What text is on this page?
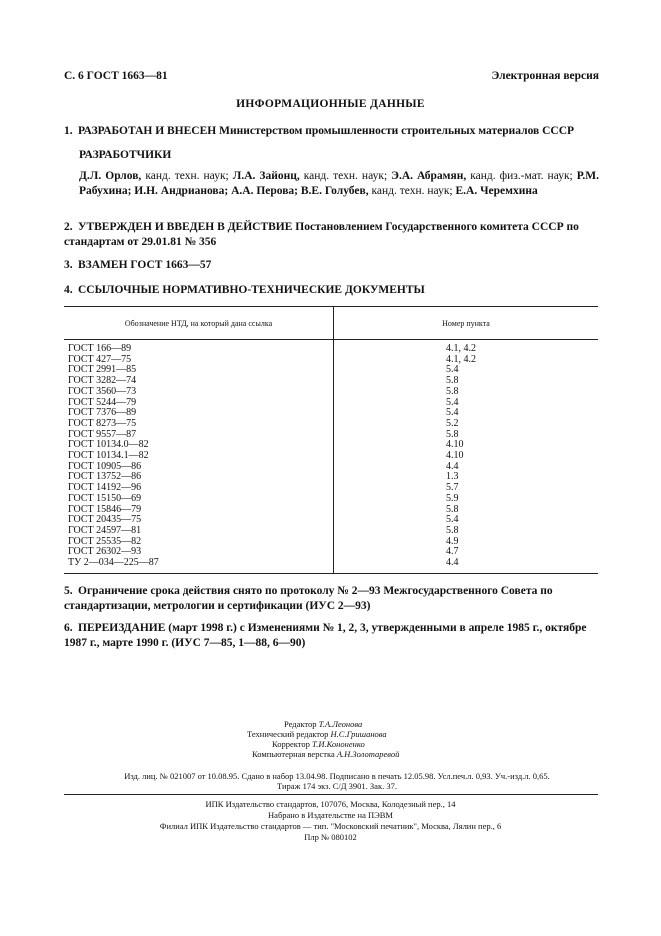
С. 6 ГОСТ 1663—81	Электронная версия
ИНФОРМАЦИОННЫЕ ДАННЫЕ
1. РАЗРАБОТАН И ВНЕСЕН Министерством промышленности строительных материалов СССР
РАЗРАБОТЧИКИ
Д.Л. Орлов, канд. техн. наук; Л.А. Зайонц, канд. техн. наук; Э.А. Абрамян, канд. физ.-мат. наук; Р.М. Рабухина; И.Н. Андрианова; А.А. Перова; В.Е. Голубев, канд. техн. наук; Е.А. Черемхина
2. УТВЕРЖДЕН И ВВЕДЕН В ДЕЙСТВИЕ Постановлением Государственного комитета СССР по стандартам от 29.01.81 № 356
3. ВЗАМЕН ГОСТ 1663—57
4. ССЫЛОЧНЫЕ НОРМАТИВНО-ТЕХНИЧЕСКИЕ ДОКУМЕНТЫ
Обозначение НТД, на который дана ссылка	Номер пункта
ГОСТ 166—89	4.1, 4.2
ГОСТ 427—75	4.1, 4.2
ГОСТ 2991—85	5.4
ГОСТ 3282—74	5.8
ГОСТ 3560—73	5.8
ГОСТ 5244—79	5.4
ГОСТ 7376—89	5.4
ГОСТ 8273—75	5.2
ГОСТ 9557—87	5.8
ГОСТ 10134.0—82	4.10
ГОСТ 10134.1—82	4.10
ГОСТ 10905—86	4.4
ГОСТ 13752—86	1.3
ГОСТ 14192—96	5.7
ГОСТ 15150—69	5.9
ГОСТ 15846—79	5.8
ГОСТ 20435—75	5.4
ГОСТ 24597—81	5.8
ГОСТ 25535—82	4.9
ГОСТ 26302—93	4.7
ТУ 2—034—225—87	4.4
5. Ограничение срока действия снято по протоколу № 2—93 Межгосударственного Совета по стандартизации, метрологии и сертификации (ИУС 2—93)
6. ПЕРЕИЗДАНИЕ (март 1998 г.) с Изменениями № 1, 2, 3, утвержденными в апреле 1985 г., октябре 1987 г., марте 1990 г. (ИУС 7—85, 1—88, 6—90)
Редактор Т.А.Леонова
Технический редактор Н.С.Гришанова
Корректор Т.И.Кононенко
Компьютерная верстка А.Н.Золотаревой
Изд. лиц. № 021007 от 10.08.95. Сдано в набор 13.04.98. Подписано в печать 12.05.98. Усл.печ.л. 0,93. Уч.-изд.л. 0,65.
Тираж 174 экз. С/Д 3901. Зак. 37.
ИПК Издательство стандартов, 107076, Москва, Колодезный пер., 14
Набрано в Издательстве на ПЭВМ
Филиал ИПК Издательство стандартов — тип. "Московский печатник", Москва, Лялин пер., 6
Плр № 080102
